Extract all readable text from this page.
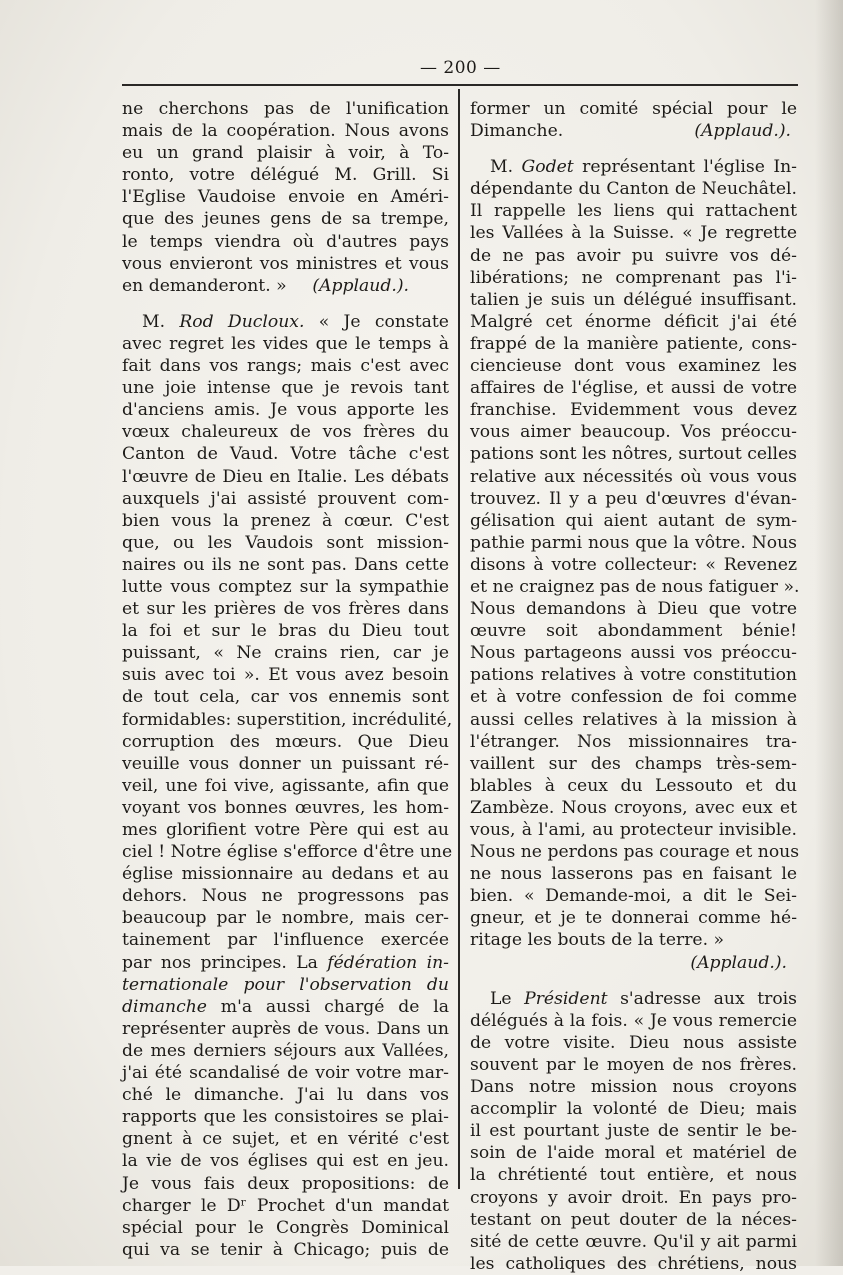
— 200 —

ne cherchons pas de l'unification
mais de la coopération. Nous avons
eu un grand plaisir à voir, à To-
ronto, votre délégué M. Grill. Si
l'Eglise Vaudoise envoie en Améri-
que des jeunes gens de sa trempe,
le temps viendra où d'autres pays
vous envieront vos ministres et vous
en demanderont. » (Applaud.).

M. Rod Ducloux. « Je constate
avec regret les vides que le temps à
fait dans vos rangs; mais c'est avec
une joie intense que je revois tant
d'anciens amis. Je vous apporte les
vœux chaleureux de vos frères du
Canton de Vaud. Votre tâche c'est
l'œuvre de Dieu en Italie. Les débats
auxquels j'ai assisté prouvent com-
bien vous la prenez à cœur. C'est
que, ou les Vaudois sont mission-
naires ou ils ne sont pas. Dans cette
lutte vous comptez sur la sympathie
et sur les prières de vos frères dans
la foi et sur le bras du Dieu tout
puissant, « Ne crains rien, car je
suis avec toi ». Et vous avez besoin
de tout cela, car vos ennemis sont
formidables: superstition, incrédulité,
corruption des mœurs. Que Dieu
veuille vous donner un puissant ré-
veil, une foi vive, agissante, afin que
voyant vos bonnes œuvres, les hom-
mes glorifient votre Père qui est au
ciel ! Notre église s'efforce d'être une
église missionnaire au dedans et au
dehors. Nous ne progressons pas
beaucoup par le nombre, mais cer-
tainement par l'influence exercée
par nos principes. La fédération in-
ternationale pour l'observation du
dimanche m'a aussi chargé de la
représenter auprès de vous. Dans un
de mes derniers séjours aux Vallées,
j'ai été scandalisé de voir votre mar-
ché le dimanche. J'ai lu dans vos
rapports que les consistoires se plai-
gnent à ce sujet, et en vérité c'est
la vie de vos églises qui est en jeu.
Je vous fais deux propositions: de
charger le Dʳ Prochet d'un mandat
spécial pour le Congrès Dominical
qui va se tenir à Chicago; puis de

former un comité spécial pour le
Dimanche.	(Applaud.).

M. Godet représentant l'église In-
dépendante du Canton de Neuchâtel.
Il rappelle les liens qui rattachent
les Vallées à la Suisse. « Je regrette
de ne pas avoir pu suivre vos dé-
libérations; ne comprenant pas l'i-
talien je suis un délégué insuffisant.
Malgré cet énorme déficit j'ai été
frappé de la manière patiente, cons-
ciencieuse dont vous examinez les
affaires de l'église, et aussi de votre
franchise. Evidemment vous devez
vous aimer beaucoup. Vos préoccu-
pations sont les nôtres, surtout celles
relative aux nécessités où vous vous
trouvez. Il y a peu d'œuvres d'évan-
gélisation qui aient autant de sym-
pathie parmi nous que la vôtre. Nous
disons à votre collecteur: « Revenez
et ne craignez pas de nous fatiguer ».
Nous demandons à Dieu que votre
œuvre soit abondamment bénie!
Nous partageons aussi vos préoccu-
pations relatives à votre constitution
et à votre confession de foi comme
aussi celles relatives à la mission à
l'étranger. Nos missionnaires tra-
vaillent sur des champs très-sem-
blables à ceux du Lessouto et du
Zambèze. Nous croyons, avec eux et
vous, à l'ami, au protecteur invisible.
Nous ne perdons pas courage et nous
ne nous lasserons pas en faisant le
bien. « Demande-moi, a dit le Sei-
gneur, et je te donnerai comme hé-
ritage les bouts de la terre. »
(Applaud.).

Le Président s'adresse aux trois
délégués à la fois. « Je vous remercie
de votre visite. Dieu nous assiste
souvent par le moyen de nos frères.
Dans notre mission nous croyons
accomplir la volonté de Dieu; mais
il est pourtant juste de sentir le be-
soin de l'aide moral et matériel de
la chrétienté tout entière, et nous
croyons y avoir droit. En pays pro-
testant on peut douter de la néces-
sité de cette œuvre. Qu'il y ait parmi
les catholiques des chrétiens, nous
